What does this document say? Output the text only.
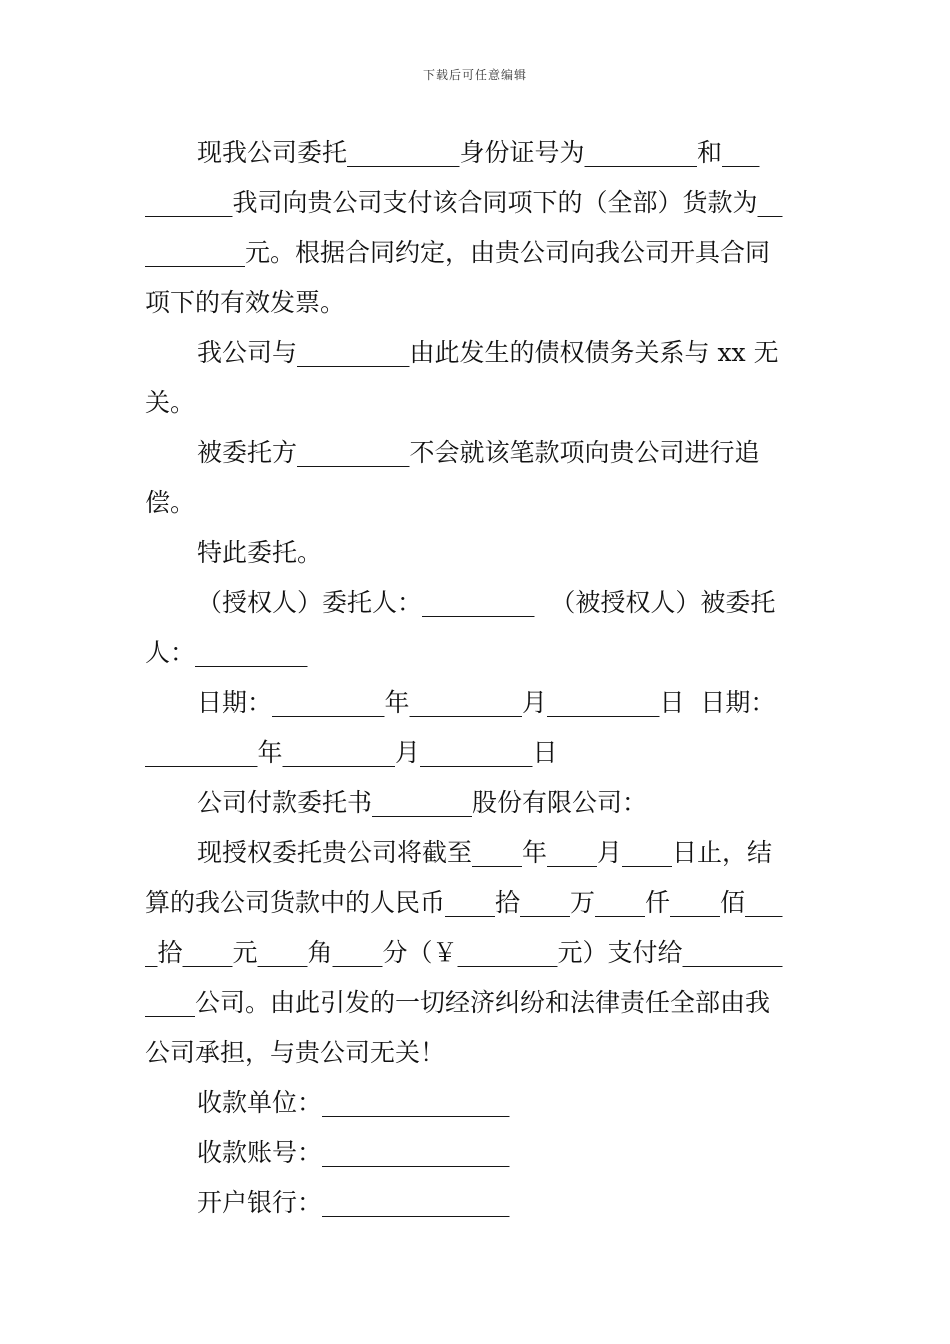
下载后可任意编辑
现我公司委托_________身份证号为_________和___
_______我司向贵公司支付该合同项下的（全部）货款为__
________元。根据合同约定，由贵公司向我公司开具合同
项下的有效发票。
我公司与_________由此发生的债权债务关系与 xx 无
关。
被委托方_________不会就该笔款项向贵公司进行追
偿。
特此委托。
（授权人）委托人：_________  （被授权人）被委托
人：_________
日期：_________年_________月_________日  日期：
_________年_________月_________日
公司付款委托书________股份有限公司：
现授权委托贵公司将截至____年____月____日止，结
算的我公司货款中的人民币____拾____万____仟____佰___
_拾____元____角____分（￥________元）支付给________
____公司。由此引发的一切经济纠纷和法律责任全部由我
公司承担，与贵公司无关！
收款单位：_______________
收款账号：_______________
开户银行：_______________
